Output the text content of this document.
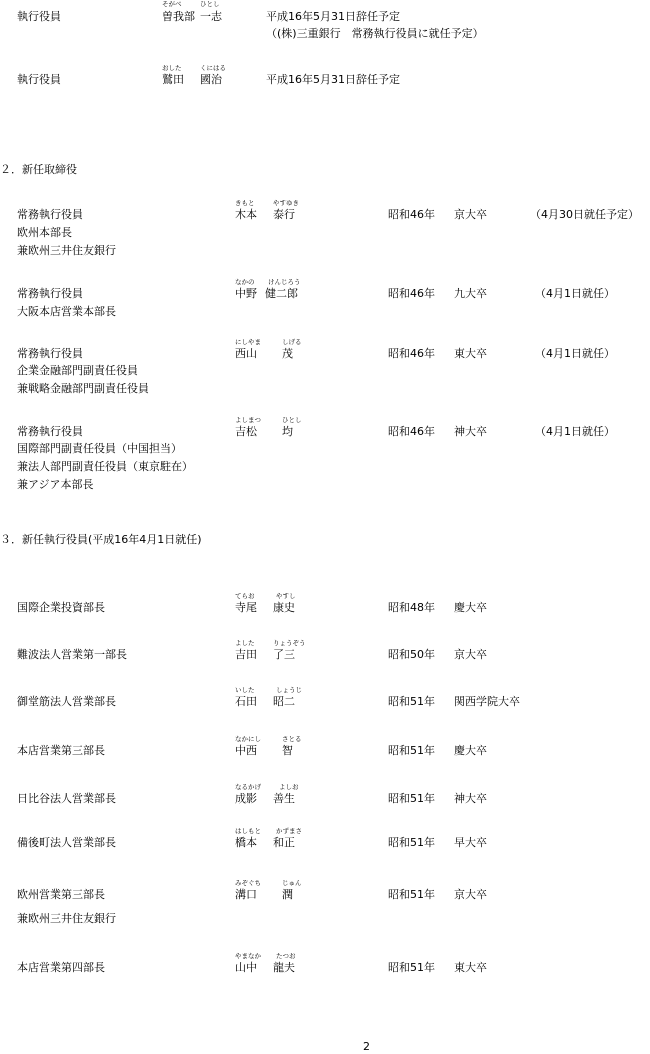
そがべ	ひとし
執行役員	曽我部 一志	平成16年5月31日辞任予定
（(株)三重銀行　常務執行役員に就任予定）
おした	くにはる
執行役員	鷲田 國治	平成16年5月31日辞任予定
２．新任取締役
きもと	やすゆき
常務執行役員	木本 泰行	昭和46年 京大卒	（4月30日就任予定）
欧州本部長
兼欧州三井住友銀行
なかの けんじろう
常務執行役員	中野 健二郎	昭和46年 九大卒	（4月1日就任）
大阪本店営業本部長
にしやま	しげる
常務執行役員	西山 茂	昭和46年 東大卒	（4月1日就任）
企業金融部門副責任役員
兼戦略金融部門副責任役員
よしまつ	ひとし
常務執行役員	吉松 均	昭和46年 神大卒	（4月1日就任）
国際部門副責任役員（中国担当）
兼法人部門副責任役員（東京駐在）
兼アジア本部長
３．新任執行役員(平成16年4月1日就任)
てらお	やすし
国際企業投資部長	寺尾 康史	昭和48年 慶大卒
よした	りょうぞう
難波法人営業第一部長	吉田 了三	昭和50年 京大卒
いした	しょうじ
御堂筋法人営業部長	石田 昭二	昭和51年 関西学院大卒
なかにし	さとる
本店営業第三部長	中西 智	昭和51年 慶大卒
なるかげ	よしお
日比谷法人営業部長	成影 善生	昭和51年 神大卒
はしもと かずまさ
備後町法人営業部長	橋本 和正	昭和51年 早大卒
みぞぐち	じゅん
欧州営業第三部長	溝口 潤	昭和51年 京大卒
兼欧州三井住友銀行
やまなか たつお
本店営業第四部長	山中 龍夫	昭和51年 東大卒
2
